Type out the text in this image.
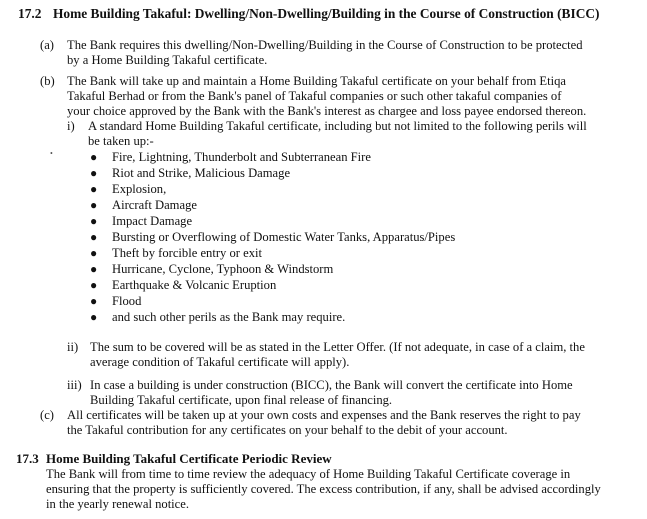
17.2 Home Building Takaful: Dwelling/Non-Dwelling/Building in the Course of Construction (BICC)
(a) The Bank requires this dwelling/Non-Dwelling/Building in the Course of Construction to be protected
by a Home Building Takaful certificate.
(b) The Bank will take up and maintain a Home Building Takaful certificate on your behalf from Etiqa
Takaful Berhad or from the Bank's panel of Takaful companies or such other takaful companies of
your choice approved by the Bank with the Bank's interest as chargee and loss payee endorsed thereon.
i) A standard Home Building Takaful certificate, including but not limited to the following perils will
be taken up:-
•	● Fire, Lightning, Thunderbolt and Subterranean Fire
● Riot and Strike, Malicious Damage
● Explosion,
● Aircraft Damage
● Impact Damage
● Bursting or Overflowing of Domestic Water Tanks, Apparatus/Pipes
● Theft by forcible entry or exit
● Hurricane, Cyclone, Typhoon & Windstorm
● Earthquake & Volcanic Eruption
● Flood
● and such other perils as the Bank may require.
ii) The sum to be covered will be as stated in the Letter Offer. (If not adequate, in case of a claim, the
average condition of Takaful certificate will apply).
iii) In case a building is under construction (BICC), the Bank will convert the certificate into Home
Building Takaful certificate, upon final release of financing.
(c) All certificates will be taken up at your own costs and expenses and the Bank reserves the right to pay
the Takaful contribution for any certificates on your behalf to the debit of your account.
17.3 Home Building Takaful Certificate Periodic Review
The Bank will from time to time review the adequacy of Home Building Takaful Certificate coverage in
ensuring that the property is sufficiently covered. The excess contribution, if any, shall be advised accordingly
in the yearly renewal notice.
